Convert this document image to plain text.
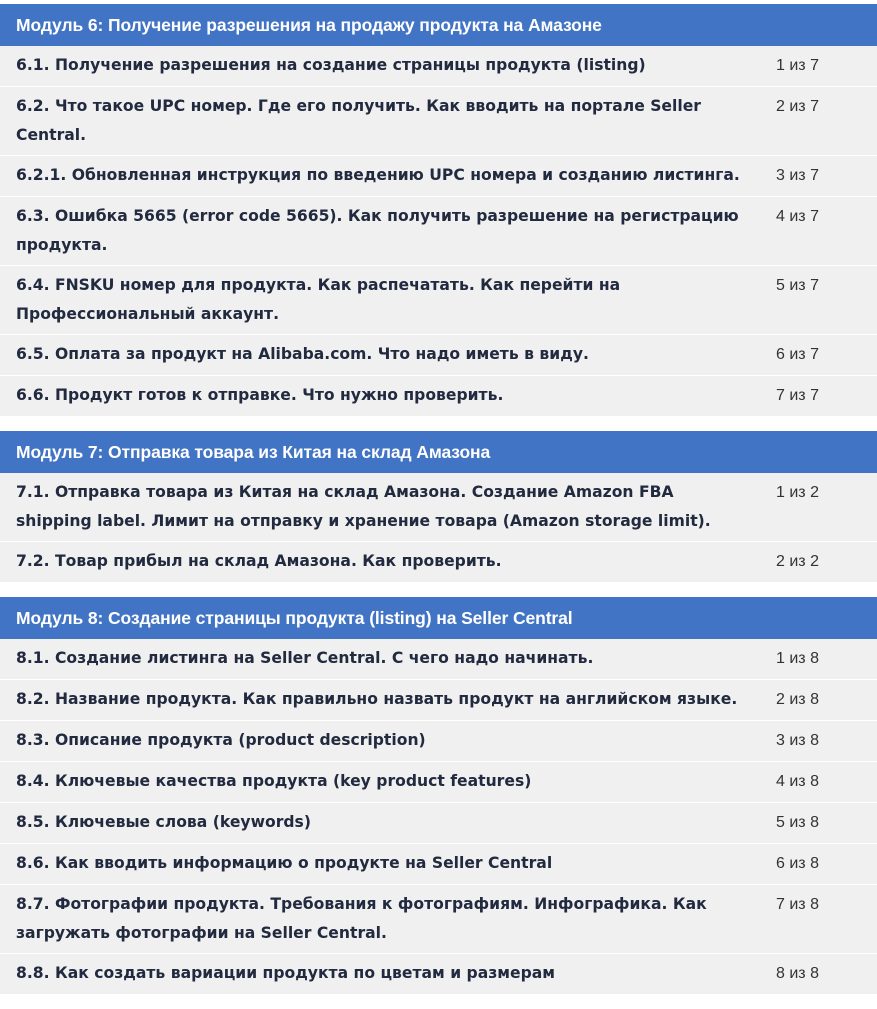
Модуль 6: Получение разрешения на продажу продукта на Амазоне
6.1. Получение разрешения на создание страницы продукта (listing)	1 из 7
6.2. Что такое UPC номер. Где его получить. Как вводить на портале Seller Central.
2 из 7
6.2.1. Обновленная инструкция по введению UPC номера и созданию листинга.	3 из 7
6.3. Ошибка 5665 (error code 5665). Как получить разрешение на регистрацию продукта.
4 из 7
6.4. FNSKU номер для продукта. Как распечатать. Как перейти на Профессиональный аккаунт.
5 из 7
6.5. Оплата за продукт на Alibaba.com. Что надо иметь в виду.	6 из 7
6.6. Продукт готов к отправке. Что нужно проверить.	7 из 7
Модуль 7: Отправка товара из Китая на склад Амазона
7.1. Отправка товара из Китая на склад Амазона. Создание Amazon FBA shipping label. Лимит на отправку и хранение товара (Amazon storage limit).
1 из 2
7.2. Товар прибыл на склад Амазона. Как проверить.	2 из 2
Модуль 8: Создание страницы продукта (listing) на Seller Central
8.1. Создание листинга на Seller Central. С чего надо начинать.	1 из 8
8.2. Название продукта. Как правильно назвать продукт на английском языке.	2 из 8
8.3. Описание продукта (product description)	3 из 8
8.4. Ключевые качества продукта (key product features)	4 из 8
8.5. Ключевые слова (keywords)	5 из 8
8.6. Как вводить информацию о продукте на Seller Central	6 из 8
8.7. Фотографии продукта. Требования к фотографиям. Инфографика. Как загружать фотографии на Seller Central.
7 из 8
8.8. Как создать вариации продукта по цветам и размерам	8 из 8
